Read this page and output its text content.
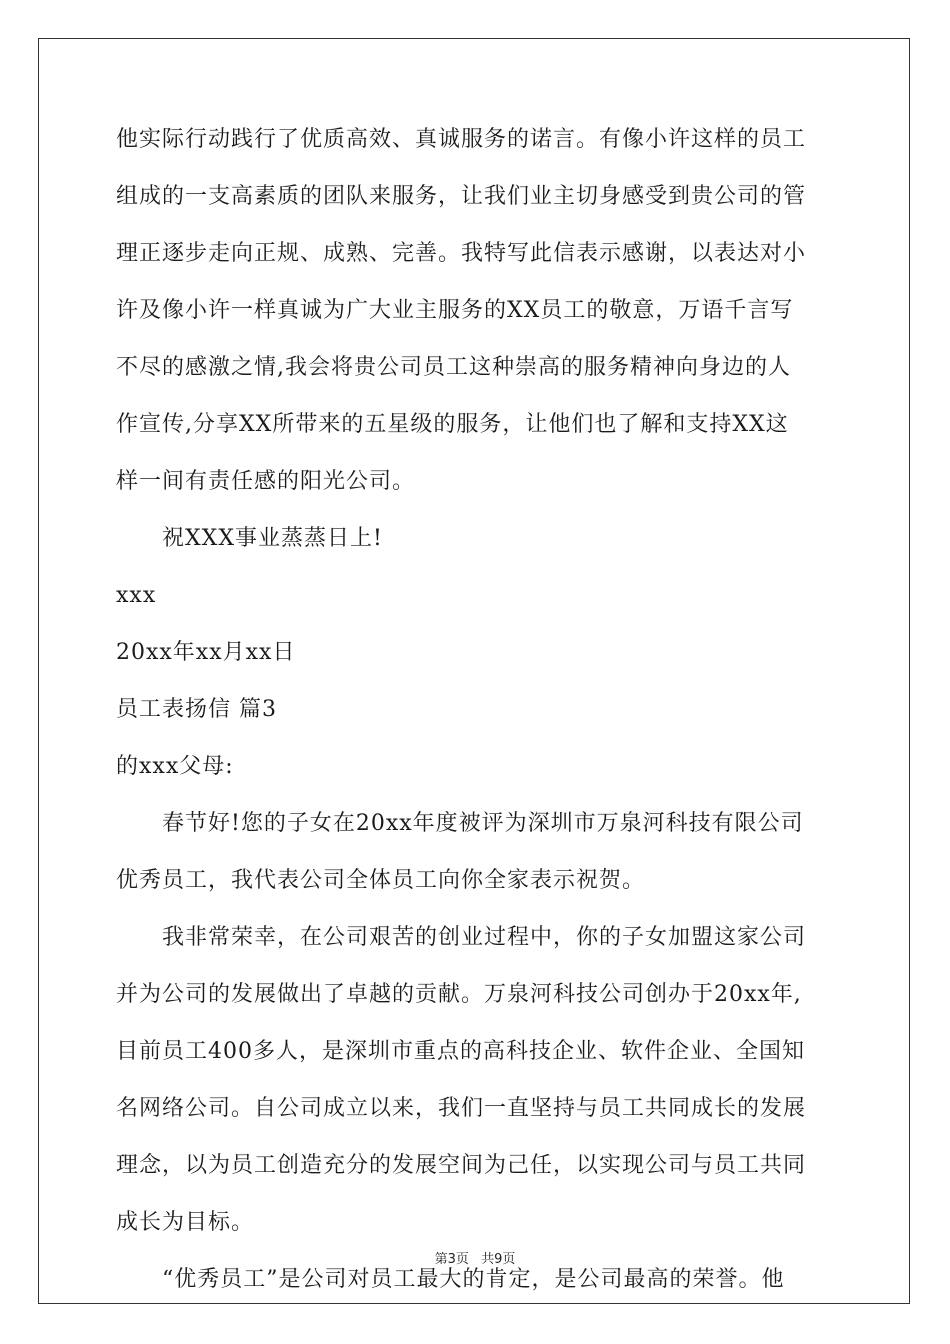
他实际行动践行了优质高效、真诚服务的诺言。有像小许这样的员工
组成的一支高素质的团队来服务，让我们业主切身感受到贵公司的管
理正逐步走向正规、成熟、完善。我特写此信表示感谢，以表达对小
许及像小许一样真诚为广大业主服务的XX员工的敬意，万语千言写
不尽的感激之情,我会将贵公司员工这种崇高的服务精神向身边的人
作宣传,分享XX所带来的五星级的服务，让他们也了解和支持XX这
样一间有责任感的阳光公司。
　　祝XXX事业蒸蒸日上!
xxx
20xx年xx月xx日
员工表扬信 篇3
的xxx父母:
　　春节好!您的子女在20xx年度被评为深圳市万泉河科技有限公司
优秀员工，我代表公司全体员工向你全家表示祝贺。
　　我非常荣幸，在公司艰苦的创业过程中，你的子女加盟这家公司
并为公司的发展做出了卓越的贡献。万泉河科技公司创办于20xx年,
目前员工400多人，是深圳市重点的高科技企业、软件企业、全国知
名网络公司。自公司成立以来，我们一直坚持与员工共同成长的发展
理念，以为员工创造充分的发展空间为己任，以实现公司与员工共同
成长为目标。
　　“优秀员工”是公司对员工最大的肯定，是公司最高的荣誉。他
第3页 共9页
